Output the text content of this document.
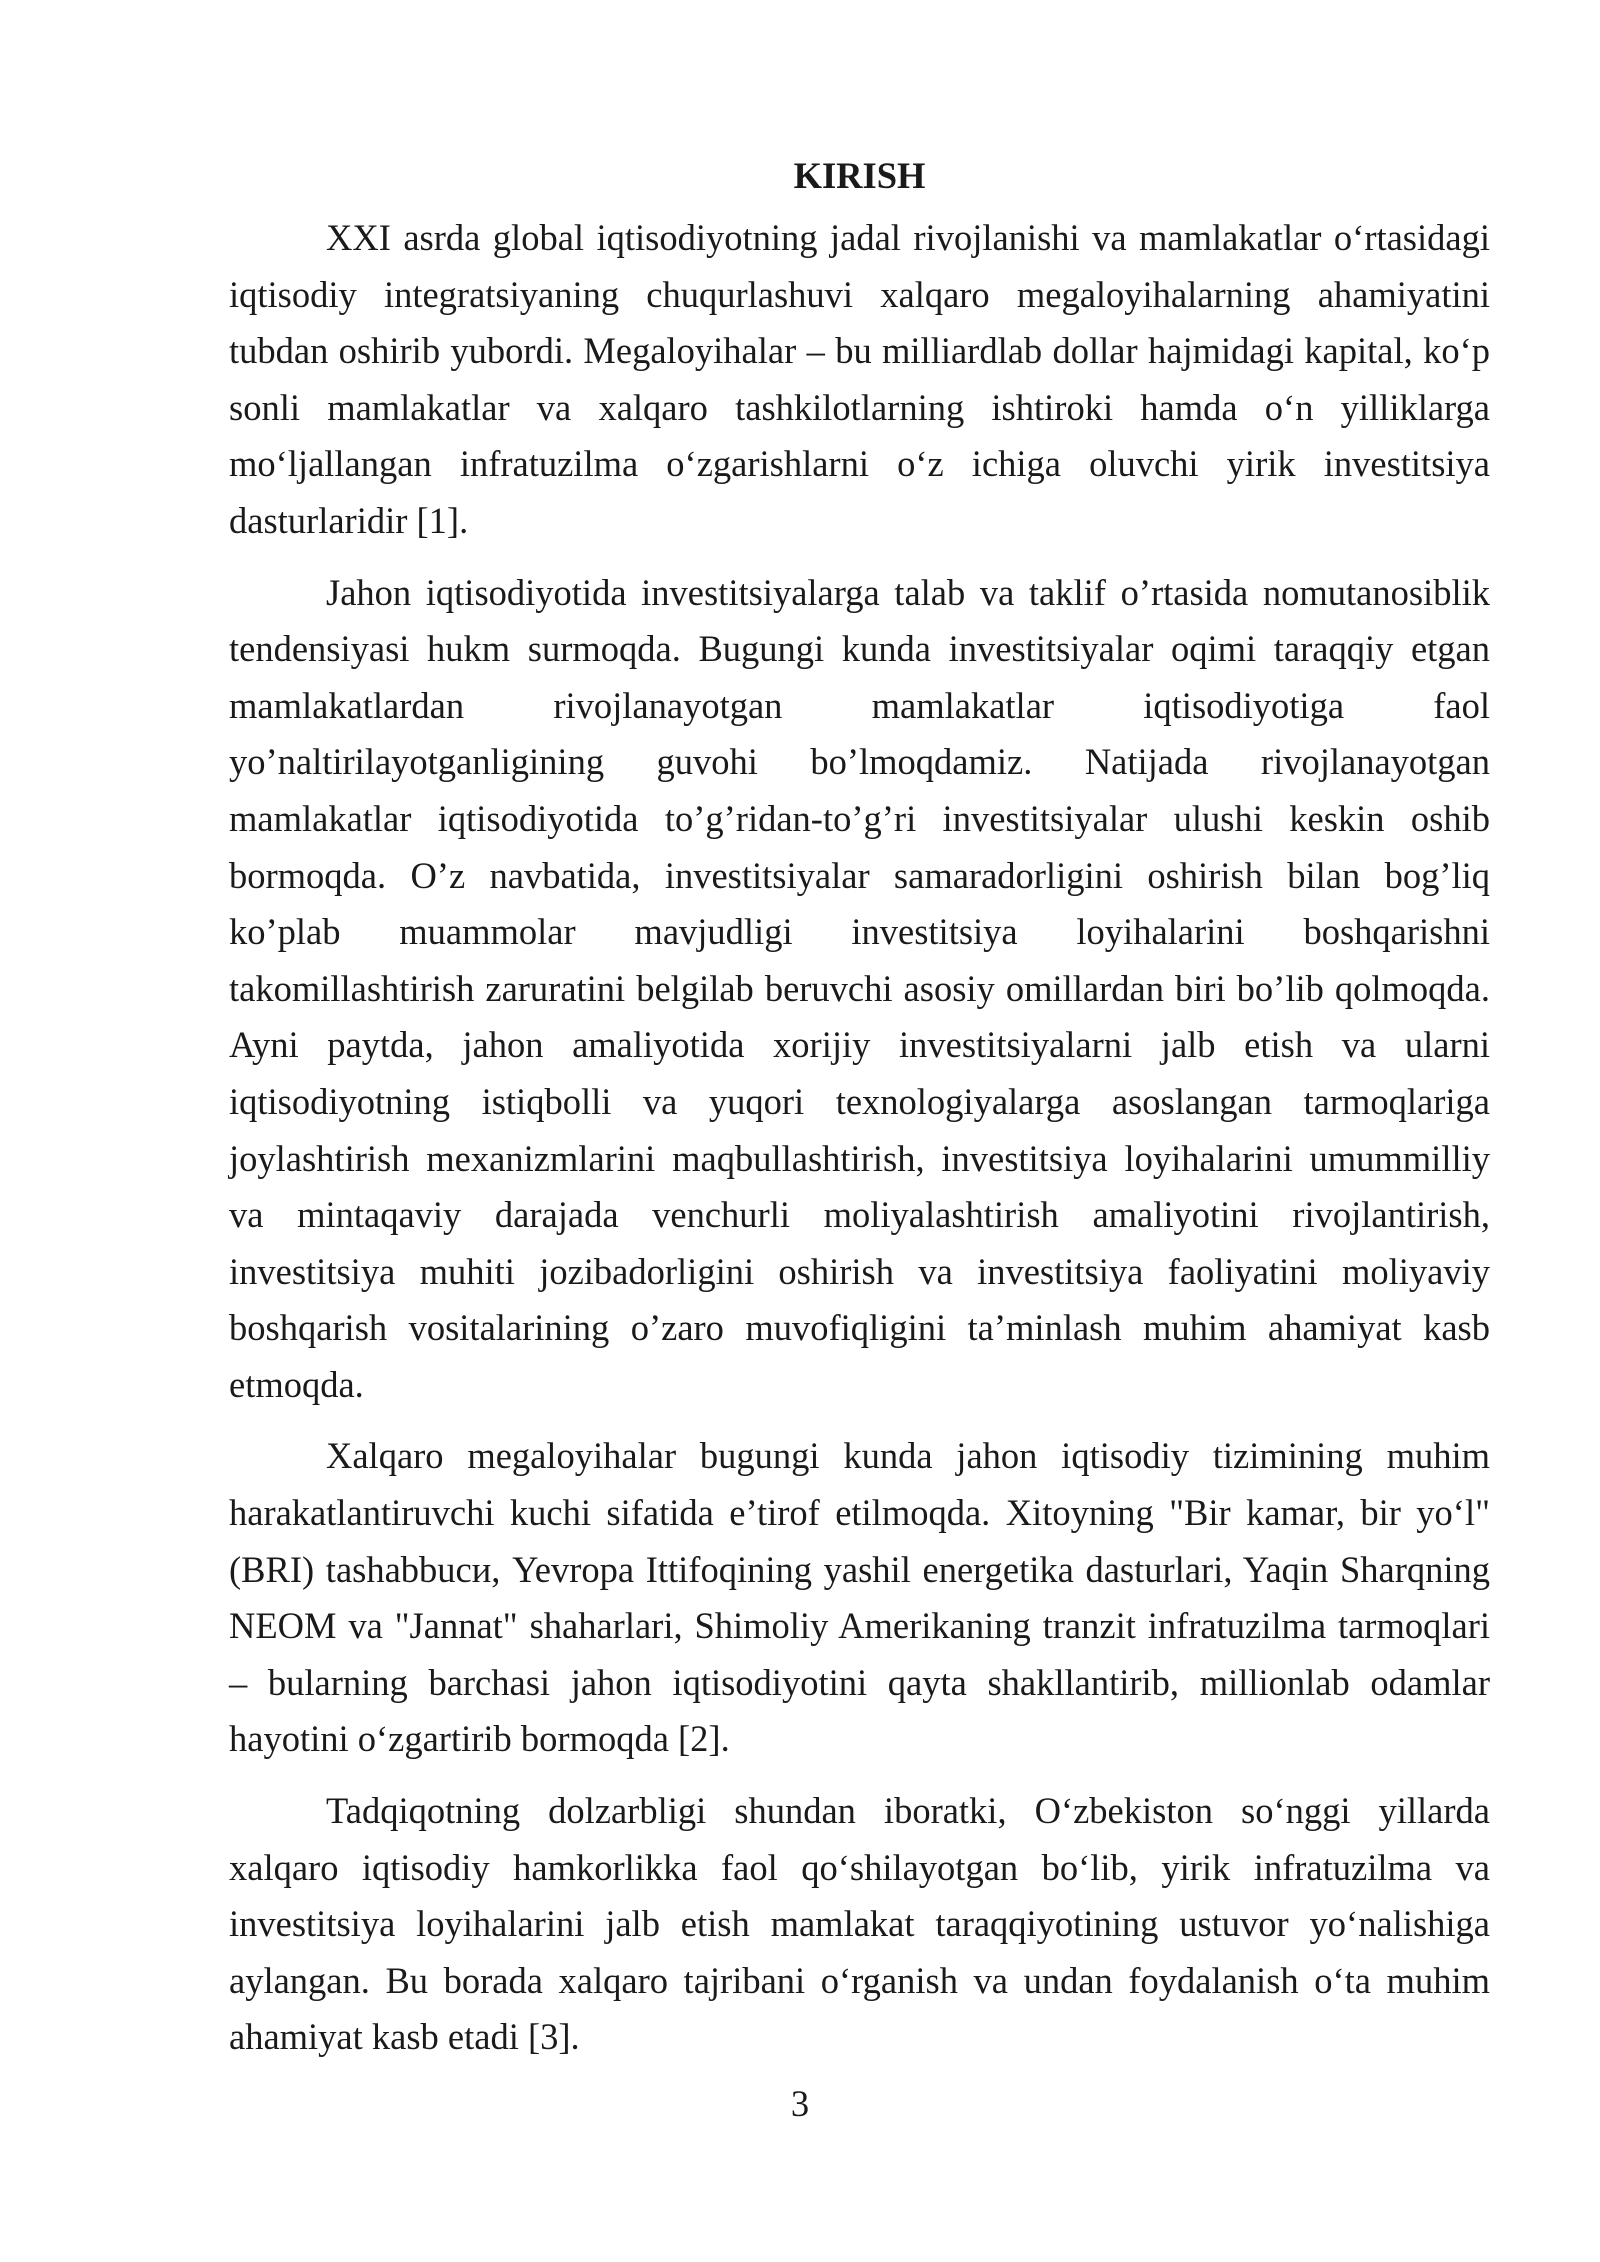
KIRISH

XXI asrda global iqtisodiyotning jadal rivojlanishi va mamlakatlar oʻrtasidagi iqtisodiy integratsiyaning chuqurlashuvi xalqaro megaloyihalarning ahamiyatini tubdan oshirib yubordi. Megaloyihalar – bu milliardlab dollar hajmidagi kapital, koʻp sonli mamlakatlar va xalqaro tashkilotlarning ishtiroki hamda oʻn yilliklarga moʻljallangan infratuzilma oʻzgarishlarni oʻz ichiga oluvchi yirik investitsiya dasturlaridir [1].

Jahon iqtisodiyotida investitsiyalarga talab va taklif o’rtasida nomutanosiblik tendensiyasi hukm surmoqda. Bugungi kunda investitsiyalar oqimi taraqqiy etgan mamlakatlardan rivojlanayotgan mamlakatlar iqtisodiyotiga faol yo’naltirilayotganligining guvohi bo’lmoqdamiz. Natijada rivojlanayotgan mamlakatlar iqtisodiyotida to’g’ridan-to’g’ri investitsiyalar ulushi keskin oshib bormoqda. O’z navbatida, investitsiyalar samaradorligini oshirish bilan bog’liq ko’plab muammolar mavjudligi investitsiya loyihalarini boshqarishni takomillashtirish zaruratini belgilab beruvchi asosiy omillardan biri bo’lib qolmoqda. Ayni paytda, jahon amaliyotida xorijiy investitsiyalarni jalb etish va ularni iqtisodiyotning istiqbolli va yuqori texnologiyalarga asoslangan tarmoqlariga joylashtirish mexanizmlarini maqbullashtirish, investitsiya loyihalarini umummilliy va mintaqaviy darajada venchurli moliyalashtirish amaliyotini rivojlantirish, investitsiya muhiti jozibadorligini oshirish va investitsiya faoliyatini moliyaviy boshqarish vositalarining o’zaro muvofiqligini ta’minlash muhim ahamiyat kasb etmoqda.

Xalqaro megaloyihalar bugungi kunda jahon iqtisodiy tizimining muhim harakatlantiruvchi kuchi sifatida e’tirof etilmoqda. Xitoyning "Bir kamar, bir yoʻl" (BRI) tashabbuси, Yevropa Ittifoqining yashil energetika dasturlari, Yaqin Sharqning NEOM va "Jannat" shaharlari, Shimoliy Amerikaning tranzit infratuzilma tarmoqlari – bularning barchasi jahon iqtisodiyotini qayta shakllantirib, millionlab odamlar hayotini oʻzgartirib bormoqda [2].

Tadqiqotning dolzarbligi shundan iboratki, Oʻzbekiston soʻnggi yillarda xalqaro iqtisodiy hamkorlikka faol qoʻshilayotgan boʻlib, yirik infratuzilma va investitsiya loyihalarini jalb etish mamlakat taraqqiyotining ustuvor yoʻnalishiga aylangan. Bu borada xalqaro tajribani oʻrganish va undan foydalanish oʻta muhim ahamiyat kasb etadi [3].

3
